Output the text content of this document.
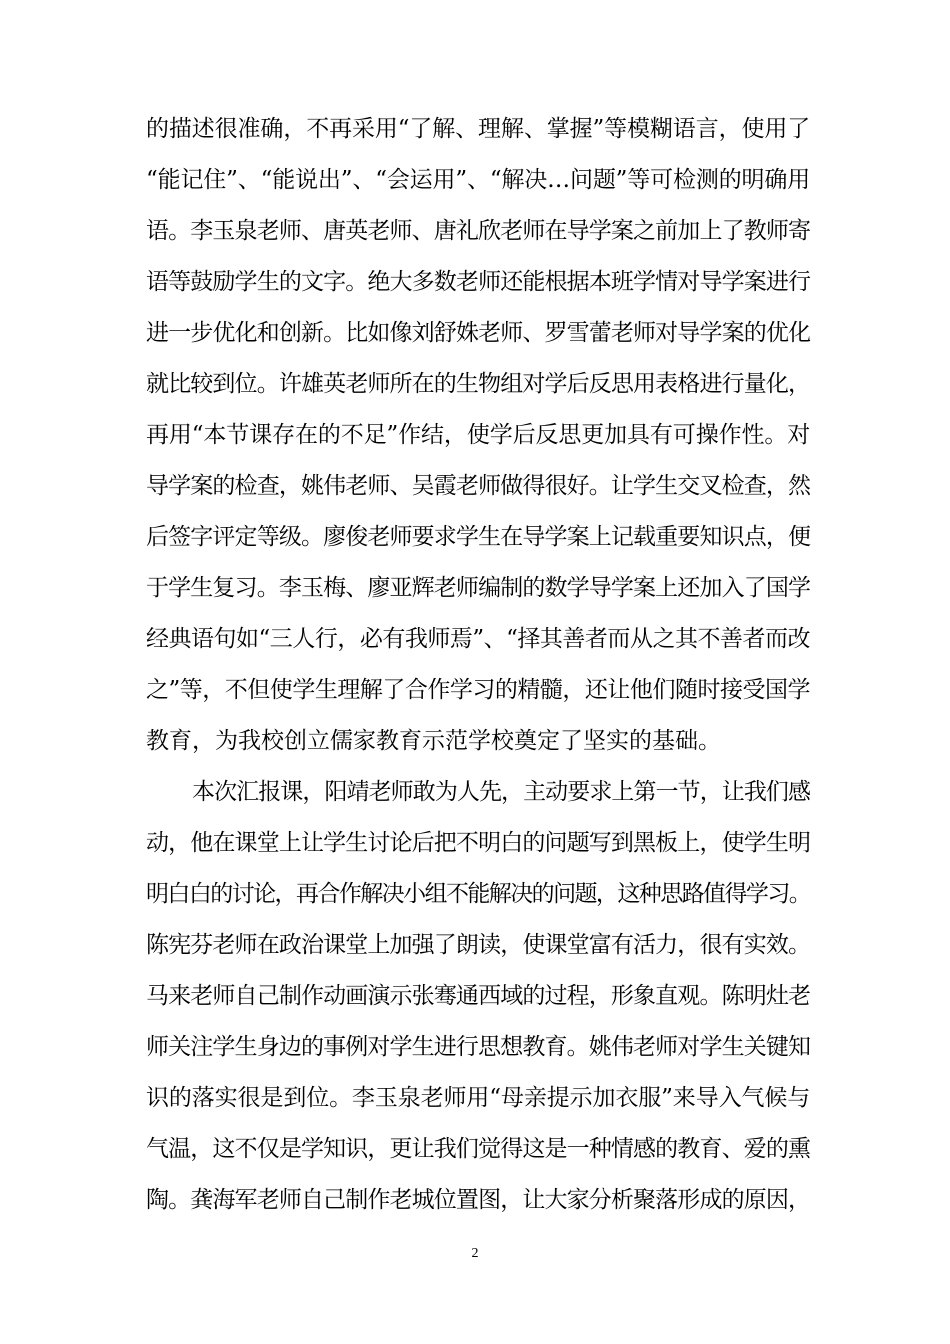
的描述很准确，不再采用“了解、理解、掌握”等模糊语言，使用了
“能记住”、“能说出”、“会运用”、“解决…问题”等可检测的明确用
语。李玉泉老师、唐英老师、唐礼欣老师在导学案之前加上了教师寄
语等鼓励学生的文字。绝大多数老师还能根据本班学情对导学案进行
进一步优化和创新。比如像刘舒姝老师、罗雪蕾老师对导学案的优化
就比较到位。许雄英老师所在的生物组对学后反思用表格进行量化，
再用“本节课存在的不足”作结，使学后反思更加具有可操作性。对
导学案的检查，姚伟老师、吴霞老师做得很好。让学生交叉检查，然
后签字评定等级。廖俊老师要求学生在导学案上记载重要知识点，便
于学生复习。李玉梅、廖亚辉老师编制的数学导学案上还加入了国学
经典语句如“三人行，必有我师焉”、“择其善者而从之其不善者而改
之”等，不但使学生理解了合作学习的精髓，还让他们随时接受国学
教育，为我校创立儒家教育示范学校奠定了坚实的基础。
本次汇报课，阳靖老师敢为人先，主动要求上第一节，让我们感
动，他在课堂上让学生讨论后把不明白的问题写到黑板上，使学生明
明白白的讨论，再合作解决小组不能解决的问题，这种思路值得学习。
陈宪芬老师在政治课堂上加强了朗读，使课堂富有活力，很有实效。
马来老师自己制作动画演示张骞通西域的过程，形象直观。陈明灶老
师关注学生身边的事例对学生进行思想教育。姚伟老师对学生关键知
识的落实很是到位。李玉泉老师用“母亲提示加衣服”来导入气候与
气温，这不仅是学知识，更让我们觉得这是一种情感的教育、爱的熏
陶。龚海军老师自己制作老城位置图，让大家分析聚落形成的原因，
2
